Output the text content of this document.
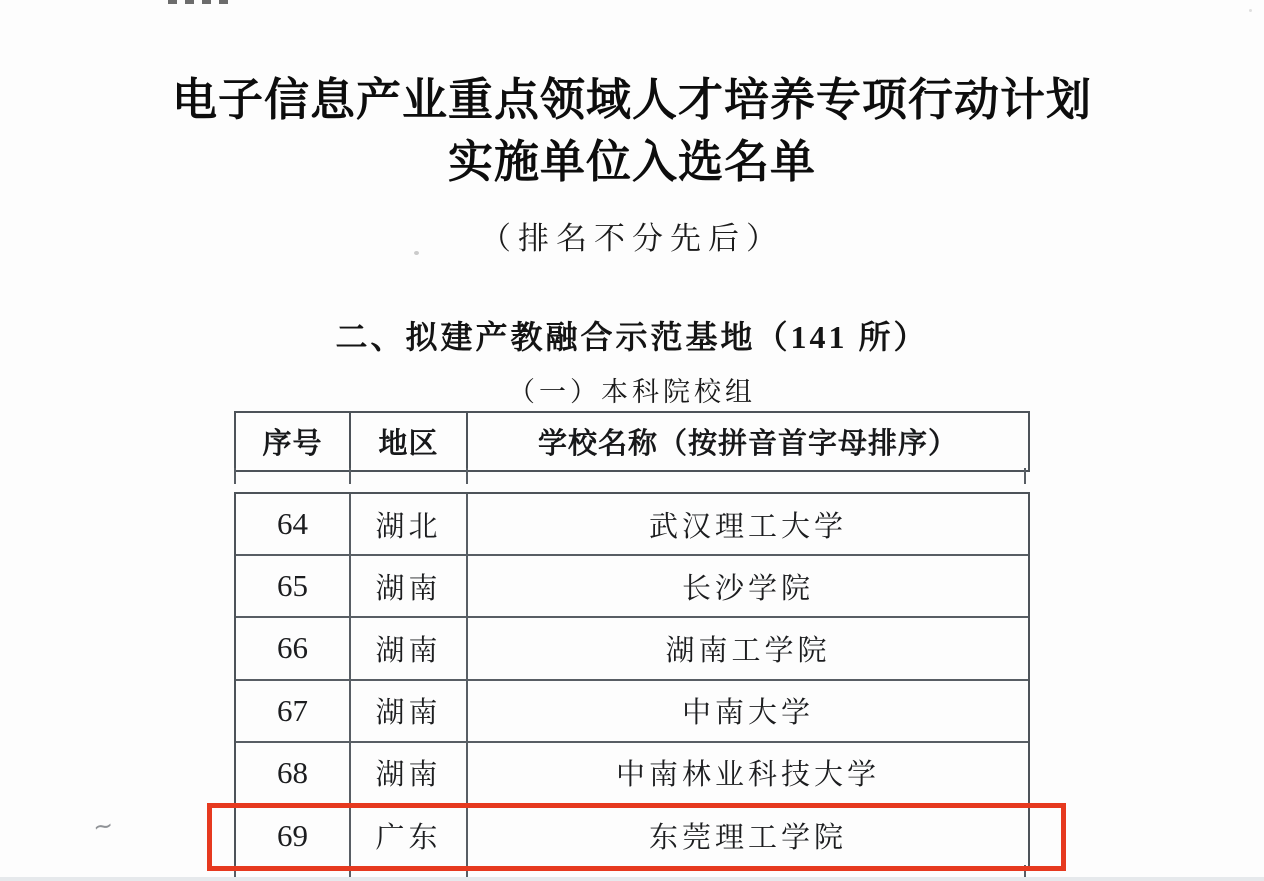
电子信息产业重点领域人才培养专项行动计划
实施单位入选名单
（排名不分先后）
二、拟建产教融合示范基地（141 所）
（一）本科院校组
序号	地区	学校名称（按拼音首字母排序）
64	湖北	武汉理工大学
65	湖南	长沙学院
66	湖南	湖南工学院
67	湖南	中南大学
68	湖南	中南林业科技大学
69	广东	东莞理工学院
~
